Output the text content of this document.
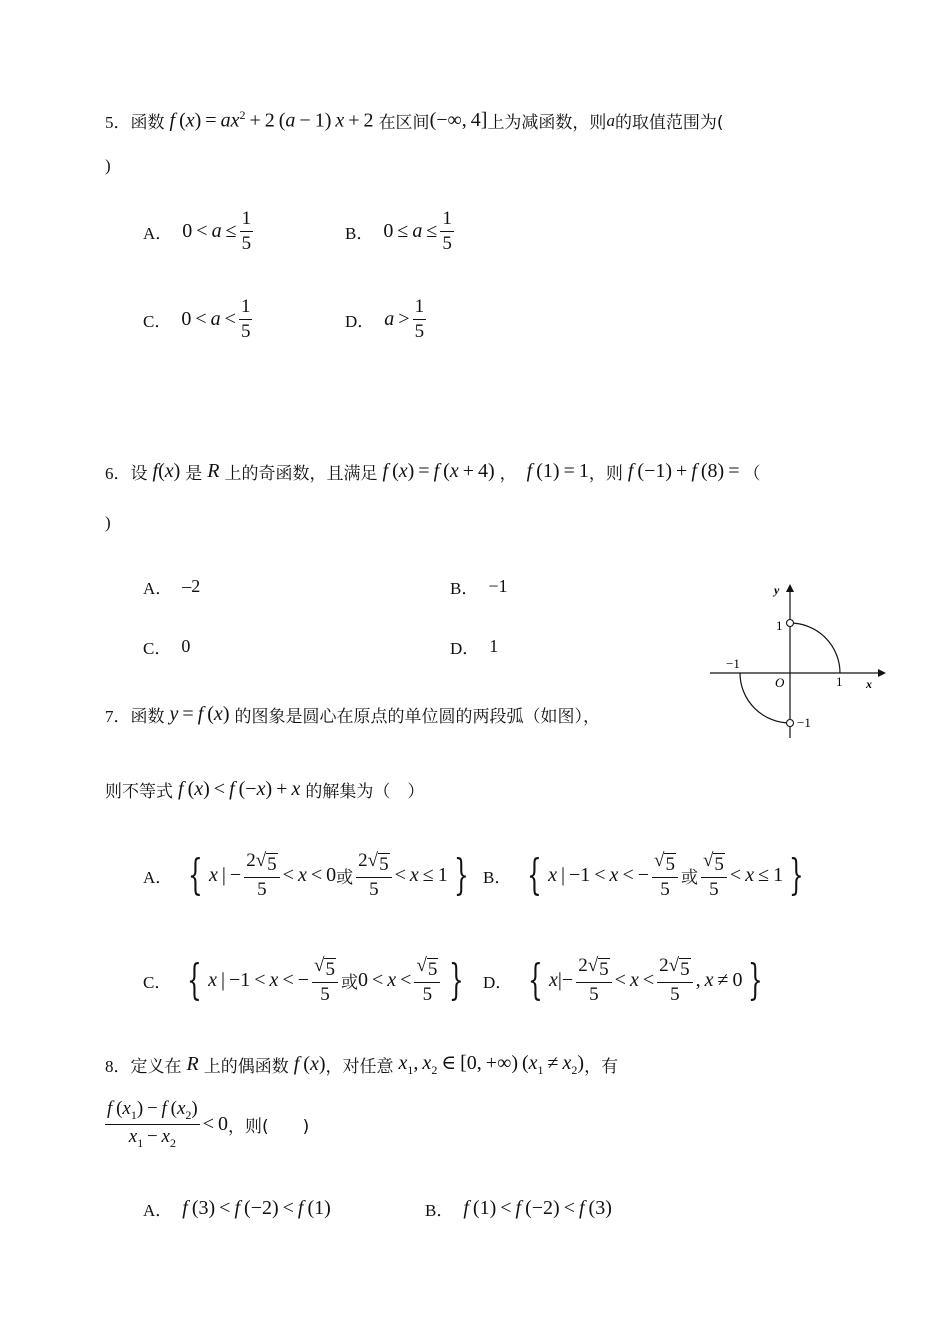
5． 函数 f $(x) = ax^2 + 2$ (a − 1) x + 2 在区间 (−∞, 4] 上为减函数，则 a 的取值范围为(
)
A． $0 < a \le \frac{1}{5}$	B． $0 \le a \le \frac{1}{5}$
C． $0 < a < \frac{1}{5}$	D． $a > \frac{1}{5}$
6． 设 f(x) 是 R 上的奇函数，且满足 f (x) = f (x + 4) ， f (1) = 1 ，则 f (−1) + f (8) =  （
)
A． –2	B． −1
C． 0	D． 1
y
x
O
1
−1
−1
1
7． 函数 y = f (x) 的图象是圆心在原点的单位圆的两段弧（如图），
则不等式 f (x) < f (−x) + x 的解集为（　）
A． { x | − $\frac{2 √ 5}{5} < x < 0$ 或 $\frac{2 √ 5}{5} < x \le 1$ } B． { x | −1 < x < − $\frac{√ 5}{5}$ 或 $\frac{√ 5}{5} < x \le 1$ }
C． { x | −1 < x < − $\frac{√ 5}{5}$ 或 $0 < x < \frac{√ 5}{5}$ } D． { $x|- \frac{2 √ 5}{5} < x < \frac{2 √ 5}{5}$ , x ≠ 0 }
8． 定义在 R 上的偶函数 f (x) ，对任意 $x_1$, $x_2$ ∈ [0, +∞) $(x_1 \ne x_2)$ ，有
$\frac{f (x_1) - f (x_2)}{x_1 - x_2} < 0$ ，则(　　)
A． f (3) < f (−2) < f (1)	B． f (1) < f (−2) < f (3)
